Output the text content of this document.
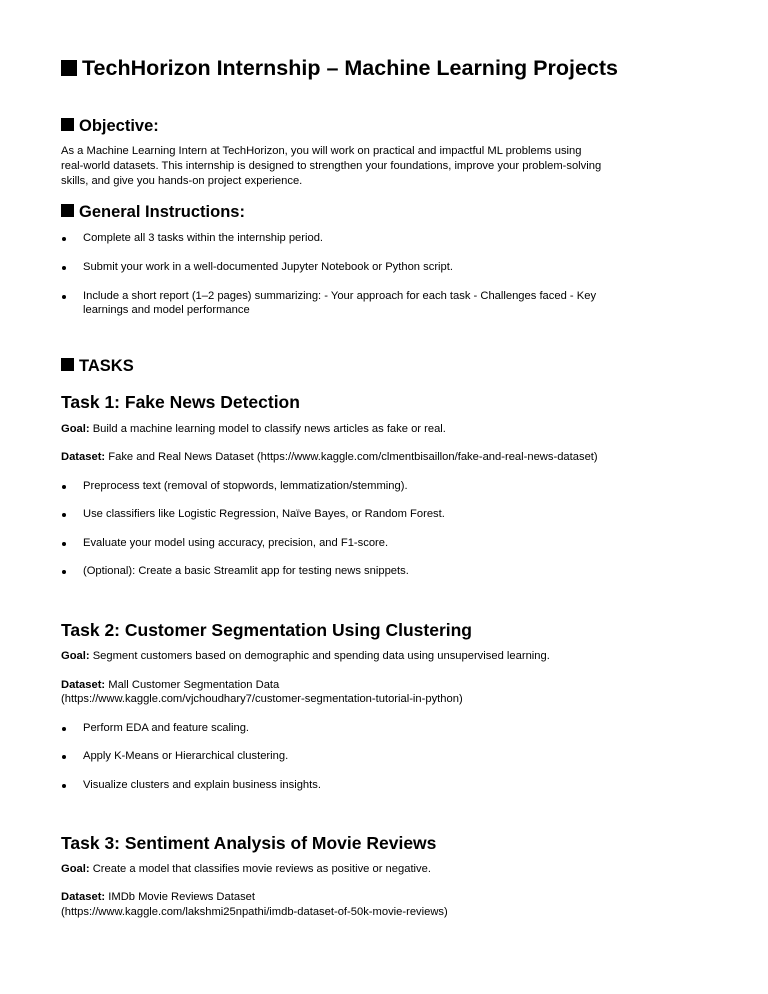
TechHorizon Internship – Machine Learning Projects
Objective:
As a Machine Learning Intern at TechHorizon, you will work on practical and impactful ML problems using
real-world datasets. This internship is designed to strengthen your foundations, improve your problem-solving
skills, and give you hands-on project experience.
General Instructions:
Complete all 3 tasks within the internship period.
Submit your work in a well-documented Jupyter Notebook or Python script.
Include a short report (1–2 pages) summarizing: - Your approach for each task - Challenges faced - Key
learnings and model performance
TASKS
Task 1: Fake News Detection
Goal: Build a machine learning model to classify news articles as fake or real.
Dataset: Fake and Real News Dataset (https://www.kaggle.com/clmentbisaillon/fake-and-real-news-dataset)
Preprocess text (removal of stopwords, lemmatization/stemming).
Use classifiers like Logistic Regression, Naïve Bayes, or Random Forest.
Evaluate your model using accuracy, precision, and F1-score.
(Optional): Create a basic Streamlit app for testing news snippets.
Task 2: Customer Segmentation Using Clustering
Goal: Segment customers based on demographic and spending data using unsupervised learning.
Dataset: Mall Customer Segmentation Data
(https://www.kaggle.com/vjchoudhary7/customer-segmentation-tutorial-in-python)
Perform EDA and feature scaling.
Apply K-Means or Hierarchical clustering.
Visualize clusters and explain business insights.
Task 3: Sentiment Analysis of Movie Reviews
Goal: Create a model that classifies movie reviews as positive or negative.
Dataset: IMDb Movie Reviews Dataset
(https://www.kaggle.com/lakshmi25npathi/imdb-dataset-of-50k-movie-reviews)
